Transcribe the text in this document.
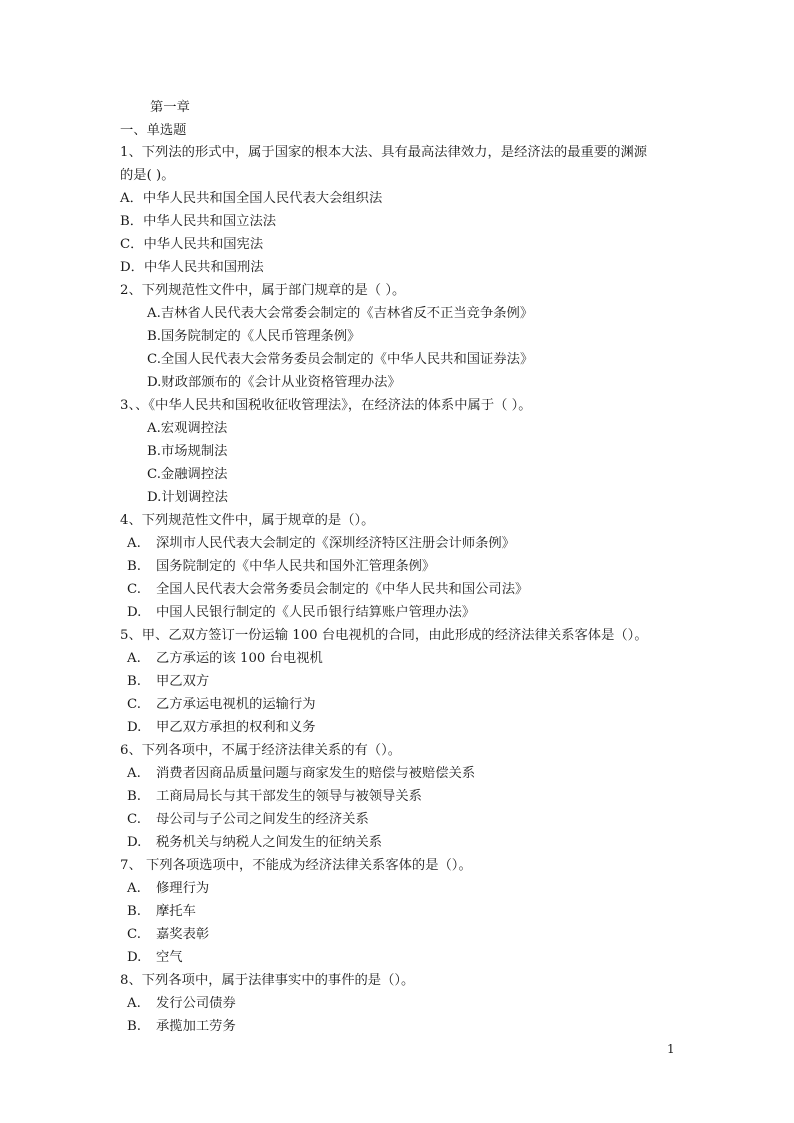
第一章
一、单选题
1、下列法的形式中，属于国家的根本大法、具有最高法律效力，是经济法的最重要的渊源
的是( )。
A．中华人民共和国全国人民代表大会组织法
B．中华人民共和国立法法
C．中华人民共和国宪法
D．中华人民共和国刑法
2、下列规范性文件中，属于部门规章的是（ ）。
A.吉林省人民代表大会常委会制定的《吉林省反不正当竞争条例》
B.国务院制定的《人民币管理条例》
C.全国人民代表大会常务委员会制定的《中华人民共和国证券法》
D.财政部颁布的《会计从业资格管理办法》
3、、《中华人民共和国税收征收管理法》，在经济法的体系中属于（ ）。
A.宏观调控法
B.市场规制法
C.金融调控法
D.计划调控法
4、下列规范性文件中，属于规章的是（）。
A. 深圳市人民代表大会制定的《深圳经济特区注册会计师条例》
B. 国务院制定的《中华人民共和国外汇管理条例》
C. 全国人民代表大会常务委员会制定的《中华人民共和国公司法》
D. 中国人民银行制定的《人民币银行结算账户管理办法》
5、甲、乙双方签订一份运输 100 台电视机的合同，由此形成的经济法律关系客体是（）。
A. 乙方承运的该 100 台电视机
B. 甲乙双方
C. 乙方承运电视机的运输行为
D. 甲乙双方承担的权利和义务
6、下列各项中，不属于经济法律关系的有（）。
A. 消费者因商品质量问题与商家发生的赔偿与被赔偿关系
B. 工商局局长与其干部发生的领导与被领导关系
C. 母公司与子公司之间发生的经济关系
D. 税务机关与纳税人之间发生的征纳关系
7、 下列各项选项中，不能成为经济法律关系客体的是（）。
A. 修理行为
B. 摩托车
C. 嘉奖表彰
D. 空气
8、下列各项中，属于法律事实中的事件的是（）。
A. 发行公司债券
B. 承揽加工劳务
1
